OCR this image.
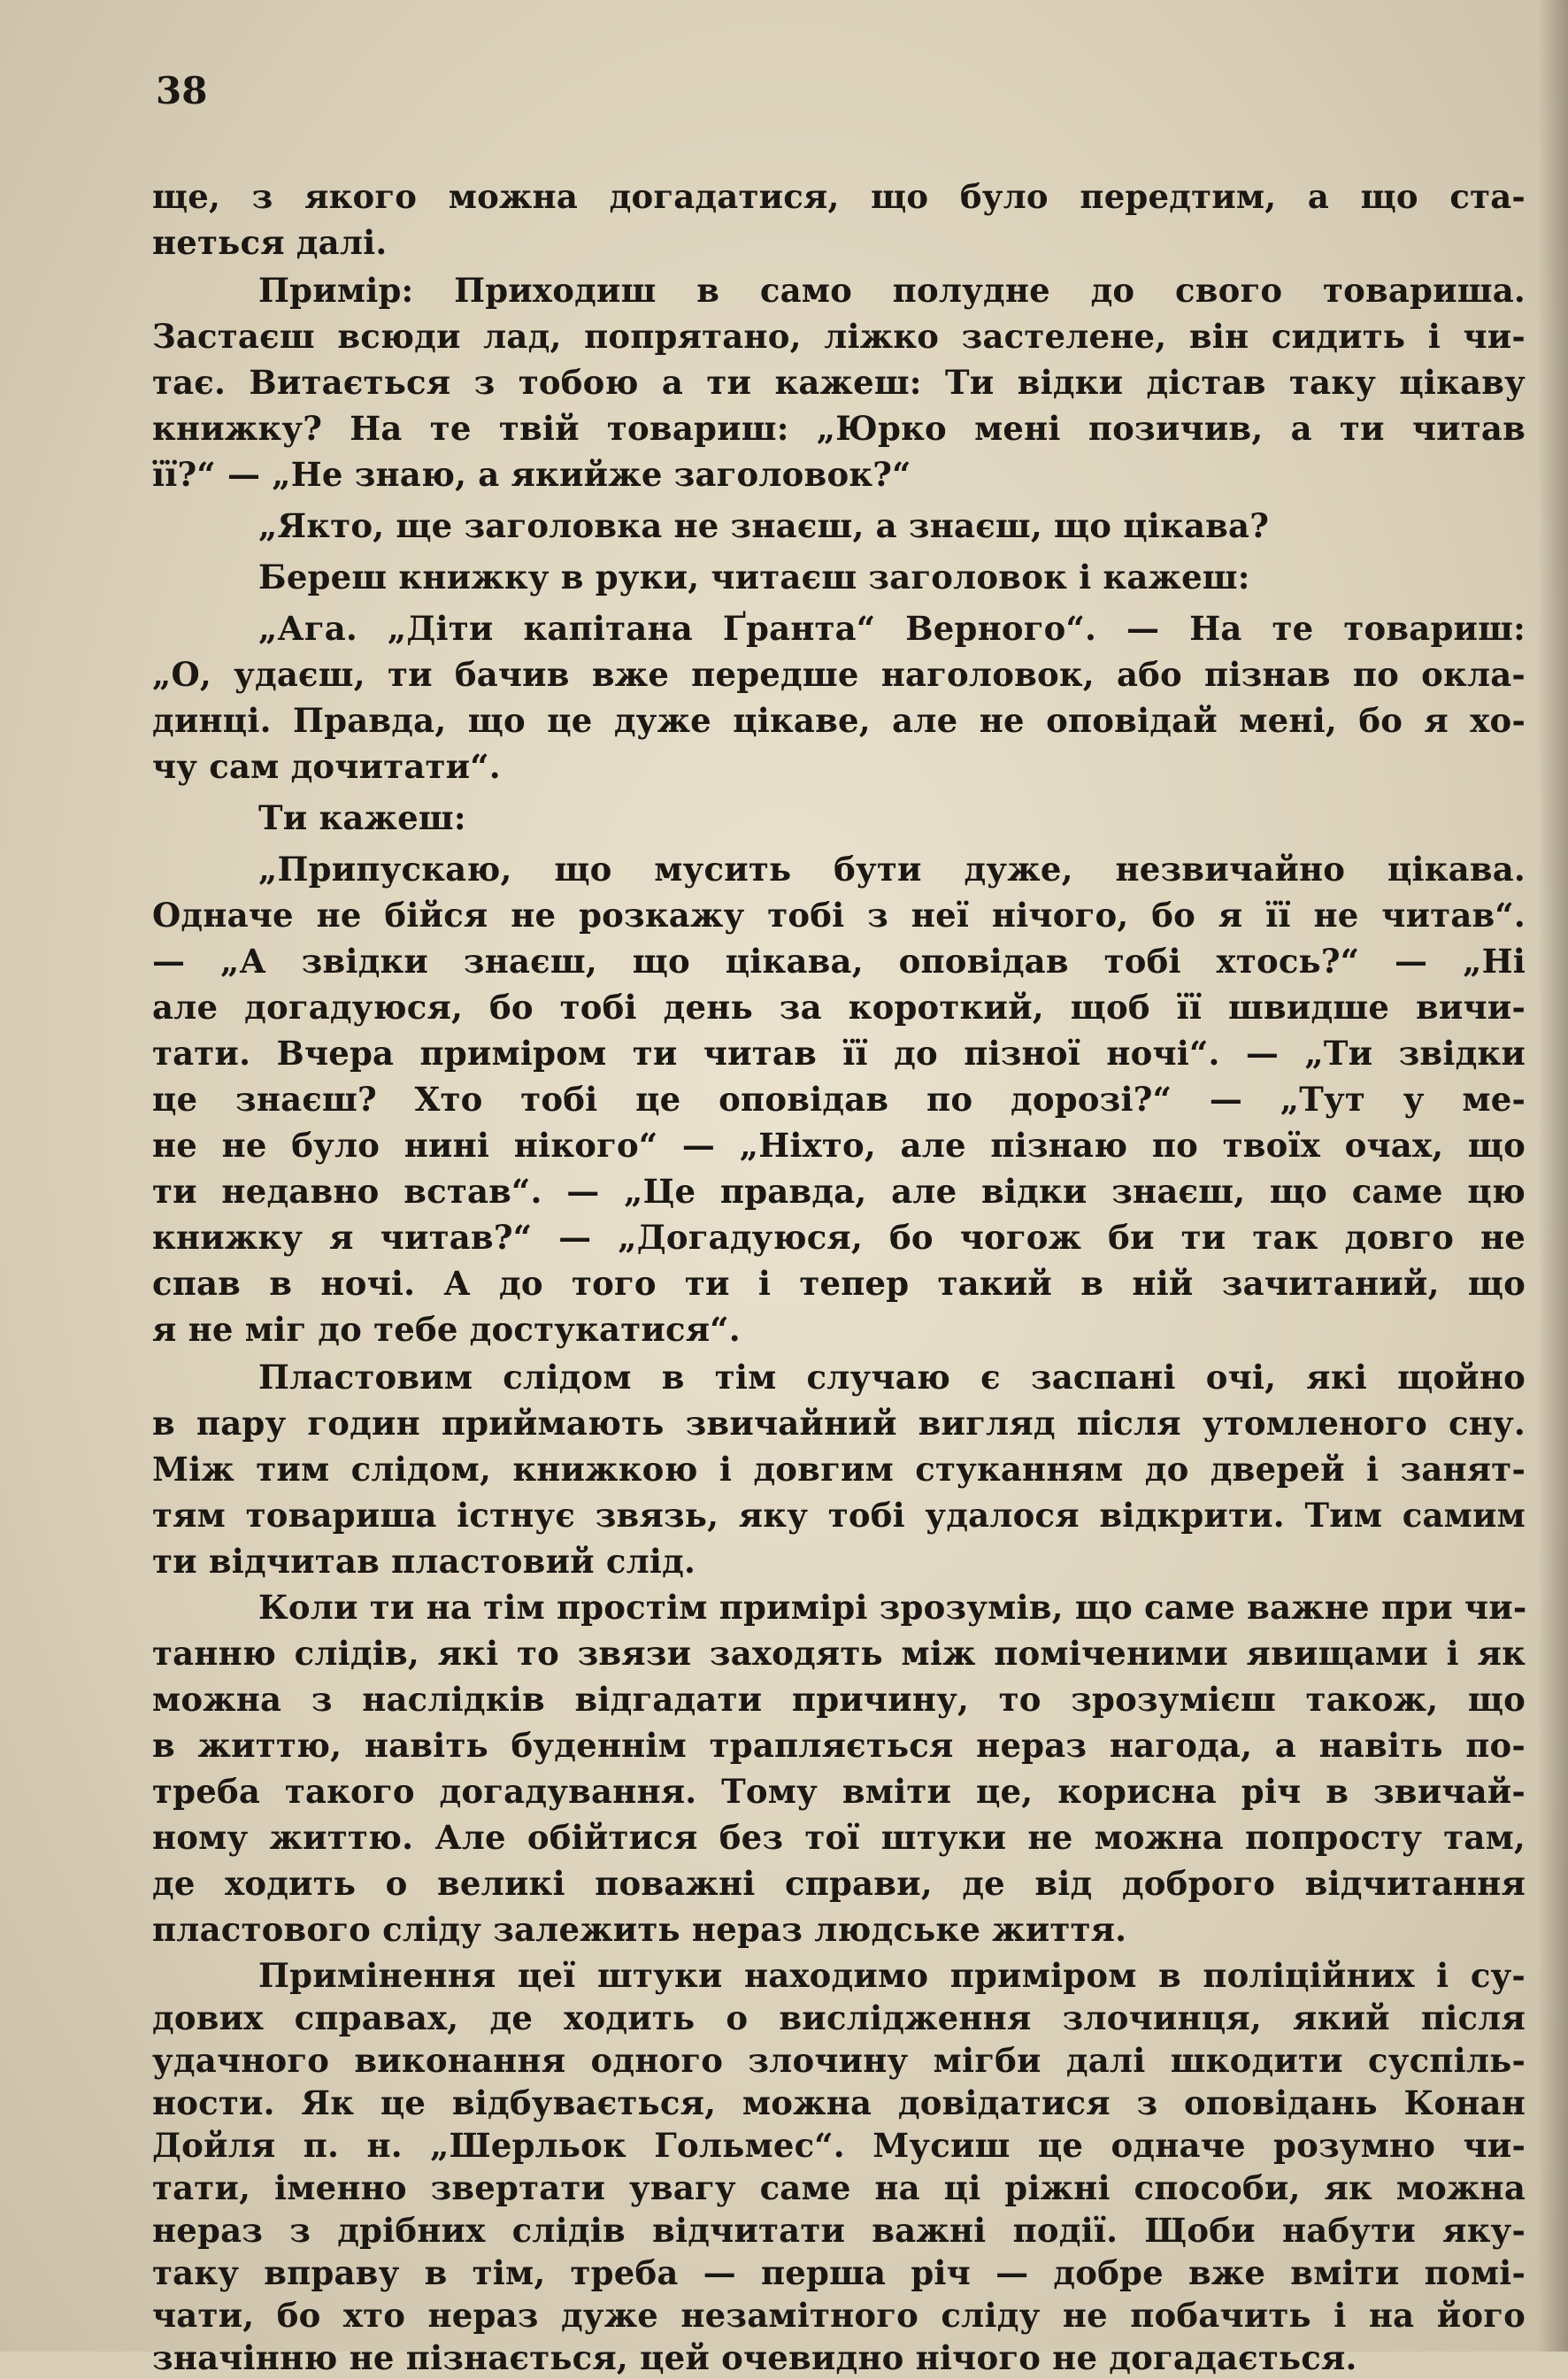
38
ще, з якого можна догадатися, що було передтим, а що ста-
неться далі.
Примір: Приходиш в само полудне до свого товариша.
Застаєш всюди лад, попрятано, ліжко застелене, він сидить і чи-
тає. Витається з тобою а ти кажеш: Ти відки дістав таку цікаву
книжку? На те твій товариш: „Юрко мені позичив, а ти читав
її?“ — „Не знаю, а якийже заголовок?“
„Якто, ще заголовка не знаєш, а знаєш, що цікава?
Береш книжку в руки, читаєш заголовок і кажеш:
„Ага. „Діти капітана Ґранта“ Верного“. — На те товариш:
„О, удаєш, ти бачив вже передше наголовок, або пізнав по окла-
динці. Правда, що це дуже цікаве, але не оповідай мені, бо я хо-
чу сам дочитати“.
Ти кажеш:
„Припускаю, що мусить бути дуже, незвичайно цікава.
Одначе не бійся не розкажу тобі з неї нічого, бо я її не читав“.
— „А звідки знаєш, що цікава, оповідав тобі хтось?“ — „Ні
але догадуюся, бо тобі день за короткий, щоб її швидше вичи-
тати. Вчера приміром ти читав її до пізної ночі“. — „Ти звідки
це знаєш? Хто тобі це оповідав по дорозі?“ — „Тут у ме-
не не було нині нікого“ — „Ніхто, але пізнаю по твоїх очах, що
ти недавно встав“. — „Це правда, але відки знаєш, що саме цю
книжку я читав?“ — „Догадуюся, бо чогож би ти так довго не
спав в ночі. А до того ти і тепер такий в ній зачитаний, що
я не міг до тебе достукатися“.
Пластовим слідом в тім случаю є заспані очі, які щойно
в пару годин приймають звичайний вигляд після утомленого сну.
Між тим слідом, книжкою і довгим стуканням до дверей і занят-
тям товариша істнує звязь, яку тобі удалося відкрити. Тим самим
ти відчитав пластовий слід.
Коли ти на тім простім примірі зрозумів, що саме важне при чи-
танню слідів, які то звязи заходять між поміченими явищами і як
можна з наслідків відгадати причину, то зрозумієш також, що
в життю, навіть буденнім трапляється нераз нагода, а навіть по-
треба такого догадування. Тому вміти це, корисна річ в звичай-
ному життю. Але обійтися без тої штуки не можна попросту там,
де ходить о великі поважні справи, де від доброго відчитання
пластового сліду залежить нераз людське життя.
Примінення цеї штуки находимо приміром в поліційних і су-
дових справах, де ходить о вислідження злочинця, який після
удачного виконання одного злочину мігби далі шкодити суспіль-
ности. Як це відбувається, можна довідатися з оповідань Конан
Дойля п. н. „Шерльок Гольмес“. Мусиш це одначе розумно чи-
тати, іменно звертати увагу саме на ці ріжні способи, як можна
нераз з дрібних слідів відчитати важні події. Щоби набути яку-
таку вправу в тім, треба — перша річ — добре вже вміти помі-
чати, бо хто нераз дуже незамітного сліду не побачить і на його
значінню не пізнається, цей очевидно нічого не догадається.
